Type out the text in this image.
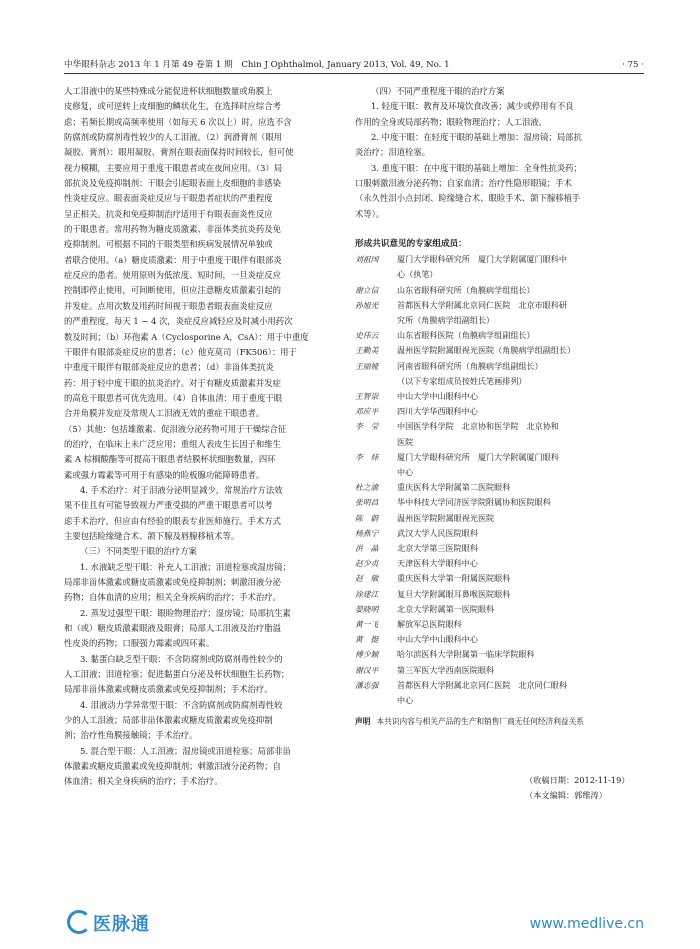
中华眼科杂志 2013 年 1 月第 49 卷第 1 期　Chin J Ophthalmol, January 2013, Vol. 49, No. 1	· 75 ·
人工泪液中的某些特殊成分能促进杯状细胞数量或角膜上
皮修复，或可逆转上皮细胞的鳞状化生，在选择时应综合考
虑；若频长期或高频率使用（如每天 6 次以上）时，应选不含
防腐剂或防腐剂毒性较少的人工泪液。（2）润滑膏剂（眼用
凝胶、膏剂）：眼用凝胶、膏剂在眼表面保持时间较长，但可使
视力模糊，主要应用于重度干眼患者或在夜间应用。（3）局
部抗炎及免疫抑制剂：干眼会引起眼表面上皮细胞的非感染
性炎症反应。眼表面炎症反应与干眼患者症状的严重程度
呈正相关。抗炎和免疫抑制治疗适用于有眼表面炎性反应
的干眼患者。常用药物为糖皮质激素、非甾体类抗炎药及免
疫抑制剂。可根据不同的干眼类型和疾病发展情况单独或
者联合使用。（a）糖皮质激素：用于中重度干眼伴有眼部炎
症反应的患者。使用原则为低浓度、短时间，一旦炎症反应
控制即停止使用，可间断使用，但应注意糖皮质激素引起的
并发症。点用次数及用药时间视干眼患者眼表面炎症反应
的严重程度，每天 1 ~ 4 次，炎症反应减轻应及时减小用药次
数及时间；（b）环孢素 A（Cyclosporine A，CsA）：用于中重度
干眼伴有眼部炎症反应的患者；（c）他克莫司（FK506）：用于
中重度干眼伴有眼部炎症反应的患者；（d）非甾体类抗炎
药：用于轻中度干眼的抗炎治疗。对于有糖皮质激素并发症
的高危干眼患者可优先选用。（4）自体血清：用于重度干眼
合并角膜并发症及常规人工泪液无效的重症干眼患者。
（5）其他：包括雄激素、促泪液分泌药物可用于干燥综合征
的治疗，在临床上未广泛应用；重组人表皮生长因子和维生
素 A 棕榈酸酯等可提高干眼患者结膜杯状细胞数量，四环
素或强力霉素等可用于有感染的睑板腺功能障碍患者。
4. 手术治疗：对于泪液分泌明显减少，常规治疗方法效
果不佳且有可能导致视力严重受损的严重干眼患者可以考
虑手术治疗，但应由有经验的眼表专业医师施行。手术方式
主要包括睑缘缝合术、颌下腺及唇腺移植术等。
（三）不同类型干眼的治疗方案
1. 水液缺乏型干眼：补充人工泪液；泪道栓塞或湿房镜；
局部非甾体激素或糖皮质激素或免疫抑制剂；刺激泪液分泌
药物；自体血清的应用；相关全身疾病的治疗；手术治疗。
2. 蒸发过强型干眼：眼睑物理治疗；湿房镜；局部抗生素
和（或）糖皮质激素眼液及眼膏；局部人工泪液及治疗脂溢
性皮炎的药物；口服强力霉素或四环素。
3. 黏蛋白缺乏型干眼：不含防腐剂或防腐剂毒性较少的
人工泪液；泪道栓塞；促进黏蛋白分泌及杯状细胞生长药物；
局部非甾体激素或糖皮质激素或免疫抑制剂；手术治疗。
4. 泪液动力学异常型干眼：不含防腐剂或防腐剂毒性较
少的人工泪液；局部非甾体激素或糖皮质激素或免疫抑制
剂；治疗性角膜接触镜；手术治疗。
5. 混合型干眼：人工泪液；湿房镜或泪道栓塞；局部非甾
体激素或糖皮质激素或免疫抑制剂；刺激泪液分泌药物；自
体血清；相关全身疾病的治疗；手术治疗。
（四）不同严重程度干眼的治疗方案
1. 轻度干眼：教育及环境饮食改善；减少或停用有不良
作用的全身或局部药物；眼睑物理治疗；人工泪液。
2. 中度干眼：在轻度干眼的基础上增加：湿房镜；局部抗
炎治疗；泪道栓塞。
3. 重度干眼：在中度干眼的基础上增加：全身性抗炎药；
口服刺激泪液分泌药物；自家血清；治疗性隐形眼镜；手术
（永久性泪小点封闭、睑缘缝合术、眼睑手术、颌下腺移植手
术等）。
形成共识意见的专家组成员：
刘祖国	厦门大学眼科研究所　厦门大学附属厦门眼科中
心（执笔）
谢立信	山东省眼科研究所（角膜病学组组长）
孙旭光	首都医科大学附属北京同仁医院　北京市眼科研
究所（角膜病学组副组长）
史伟云	山东省眼科医院（角膜病学组副组长）
王勤美	温州医学院附属眼视光医院（角膜病学组副组长）
王丽娅	河南省眼科研究所（角膜病学组副组长）
（以下专家组成员按姓氏笔画排列）
王智崇	中山大学中山眼科中心
邓应平	四川大学华西眼科中心
李　莹	中国医学科学院　北京协和医学院　北京协和
医院
李　炜	厦门大学眼科研究所　厦门大学附属厦门眼科
中心
杜之渝	重庆医科大学附属第二医院眼科
张明昌	华中科技大学同济医学院附属协和医院眼科
陈　蔚	温州医学院附属眼视光医院
杨燕宁	武汉大学人民医院眼科
洪　晶	北京大学第三医院眼科
赵少贞	天津医科大学眼科中心
赵　敏	重庆医科大学第一附属医院眼科
徐建江	复旦大学附属眼耳鼻喉医院眼科
晏晓明	北京大学附属第一医院眼科
黄一飞	解放军总医院眼科
黄　挺	中山大学中山眼科中心
傅少颖	哈尔滨医科大学附属第一临床学院眼科
谢汉平	第三军医大学西南医院眼科
潘志强	首都医科大学附属北京同仁医院　北京同仁眼科
中心
声明 本共识内容与相关产品的生产和销售厂商无任何经济利益关系
（收稿日期：2012-11-19）
（本文编辑：郭维涛）
医脉通	www.medlive.cn
